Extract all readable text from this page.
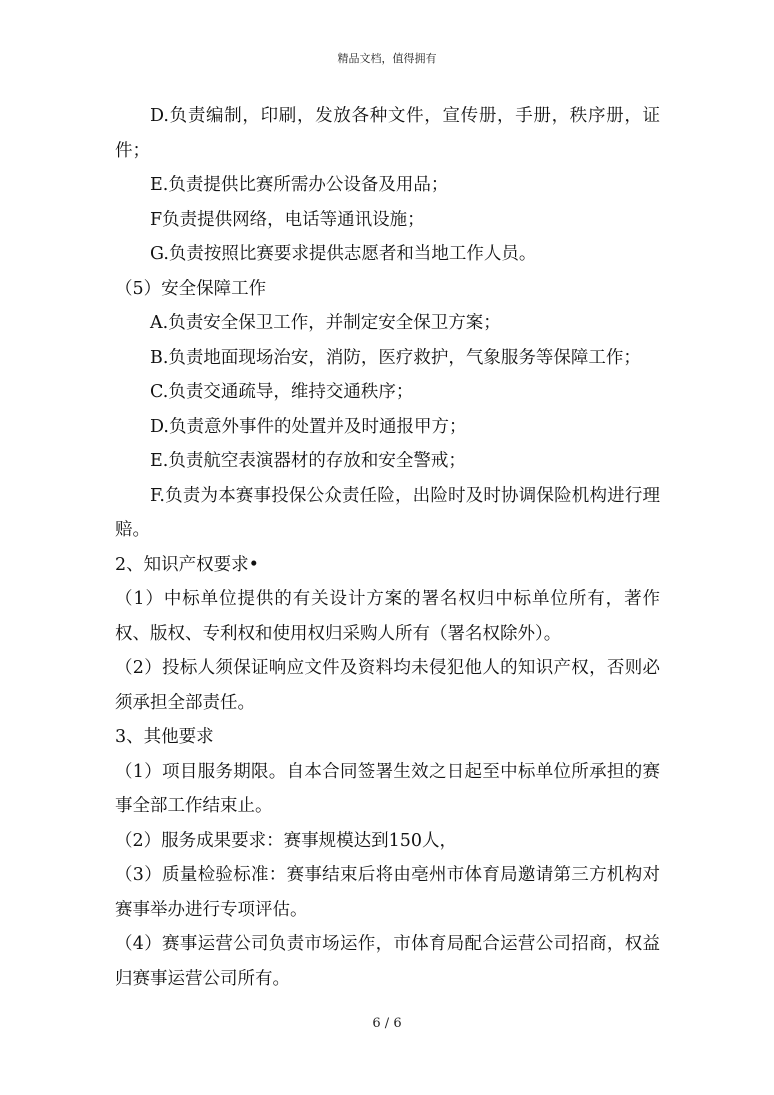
精品文档，值得拥有

D.负责编制，印刷，发放各种文件，宣传册，手册，秩序册，证件；

E.负责提供比赛所需办公设备及用品；

F负责提供网络，电话等通讯设施；

G.负责按照比赛要求提供志愿者和当地工作人员。

（5）安全保障工作

A.负责安全保卫工作，并制定安全保卫方案；

B.负责地面现场治安，消防，医疗救护，气象服务等保障工作；

C.负责交通疏导，维持交通秩序；

D.负责意外事件的处置并及时通报甲方；

E.负责航空表演器材的存放和安全警戒；

F.负责为本赛事投保公众责任险，出险时及时协调保险机构进行理赔。

2、知识产权要求•

（1）中标单位提供的有关设计方案的署名权归中标单位所有，著作权、版权、专利权和使用权归采购人所有（署名权除外）。

（2）投标人须保证响应文件及资料均未侵犯他人的知识产权，否则必须承担全部责任。

3、其他要求

（1）项目服务期限。自本合同签署生效之日起至中标单位所承担的赛事全部工作结束止。

（2）服务成果要求：赛事规模达到150人，

（3）质量检验标准：赛事结束后将由亳州市体育局邀请第三方机构对赛事举办进行专项评估。

（4）赛事运营公司负责市场运作，市体育局配合运营公司招商，权益归赛事运营公司所有。

6 / 6
